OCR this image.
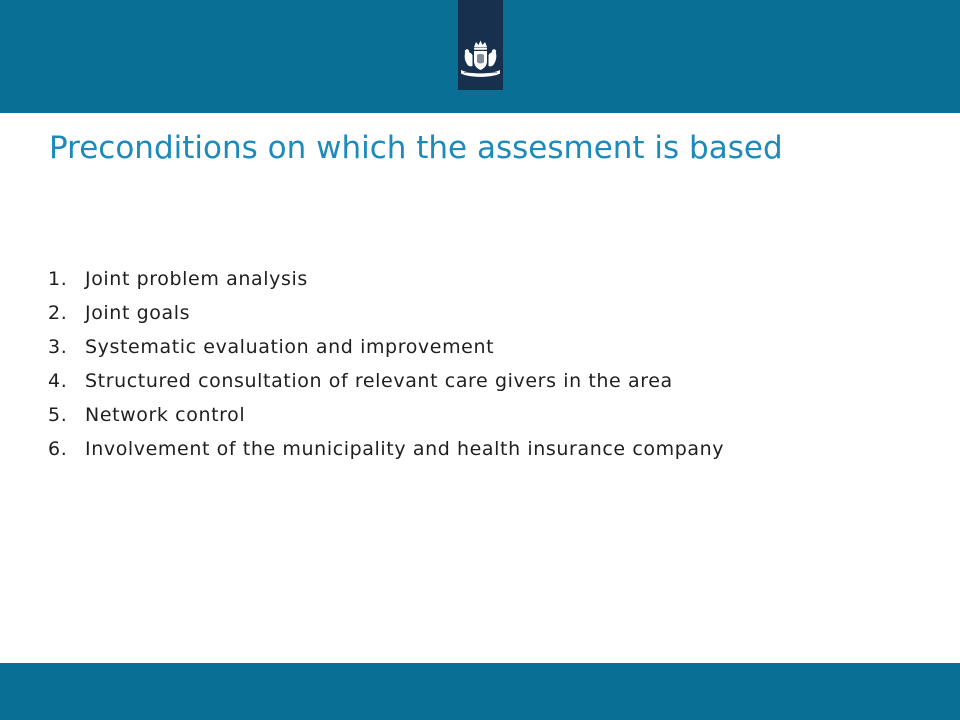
Preconditions on which the assesment is based
1. Joint problem analysis
2. Joint goals
3. Systematic evaluation and improvement
4. Structured consultation of relevant care givers in the area
5. Network control
6. Involvement of the municipality and health insurance company
